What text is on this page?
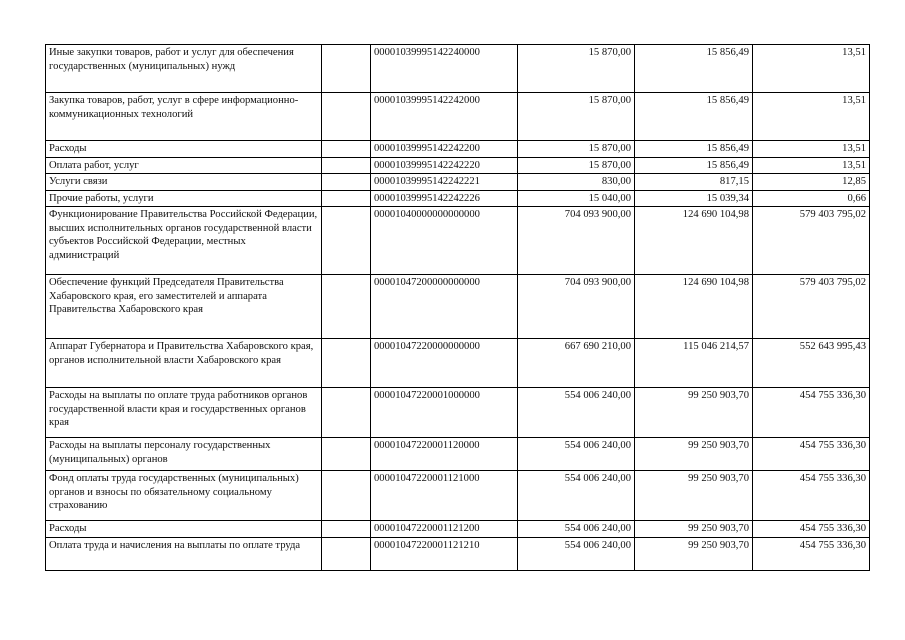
Иные закупки товаров, работ и услуг для обеспечения государственных (муниципальных) нужд		00001039995142240000	15 870,00	15 856,49	13,51
Закупка товаров, работ, услуг в сфере информационно-коммуникационных технологий		00001039995142242000	15 870,00	15 856,49	13,51
Расходы		00001039995142242200	15 870,00	15 856,49	13,51
Оплата работ, услуг		00001039995142242220	15 870,00	15 856,49	13,51
Услуги связи		00001039995142242221	830,00	817,15	12,85
Прочие работы, услуги		00001039995142242226	15 040,00	15 039,34	0,66
Функционирование Правительства Российской Федерации, высших исполнительных органов государственной власти субъектов Российской Федерации, местных администраций		00001040000000000000	704 093 900,00	124 690 104,98	579 403 795,02
Обеспечение функций Председателя Правительства Хабаровского края, его заместителей и аппарата Правительства Хабаровского края		00001047200000000000	704 093 900,00	124 690 104,98	579 403 795,02
Аппарат Губернатора и Правительства Хабаровского края, органов исполнительной власти Хабаровского края		00001047220000000000	667 690 210,00	115 046 214,57	552 643 995,43
Расходы на выплаты по оплате труда работников органов государственной власти края и государственных органов края		00001047220001000000	554 006 240,00	99 250 903,70	454 755 336,30
Расходы на выплаты персоналу государственных (муниципальных) органов		00001047220001120000	554 006 240,00	99 250 903,70	454 755 336,30
Фонд оплаты труда государственных (муниципальных) органов и взносы по обязательному социальному страхованию		00001047220001121000	554 006 240,00	99 250 903,70	454 755 336,30
Расходы		00001047220001121200	554 006 240,00	99 250 903,70	454 755 336,30
Оплата труда и начисления на выплаты по оплате труда		00001047220001121210	554 006 240,00	99 250 903,70	454 755 336,30
